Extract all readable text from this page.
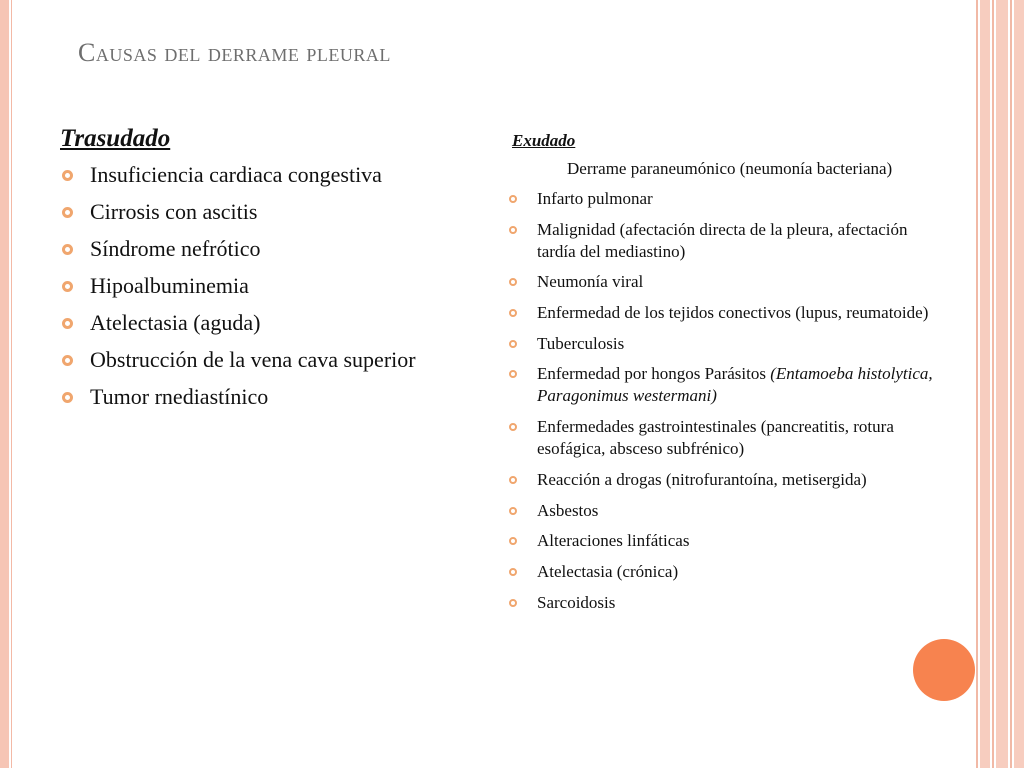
Causas del derrame pleural
Trasudado
Insuficiencia cardiaca congestiva
Cirrosis con ascitis
Síndrome nefrótico
Hipoalbuminemia
Atelectasia (aguda)
Obstrucción de la vena cava superior
Tumor rnediastínico
Exudado
Derrame paraneumónico (neumonía bacteriana)
Infarto pulmonar
Malignidad (afectación directa de la pleura, afectación tardía del mediastino)
Neumonía viral
Enfermedad de los tejidos conectivos (lupus, reumatoide)
Tuberculosis
Enfermedad por hongos Parásitos (Entamoeba histolytica, Paragonimus westermani)
Enfermedades gastrointestinales (pancreatitis, rotura esofágica, absceso subfrénico)
Reacción a drogas (nitrofurantoína, metisergida)
Asbestos
Alteraciones linfáticas
Atelectasia (crónica)
Sarcoidosis
